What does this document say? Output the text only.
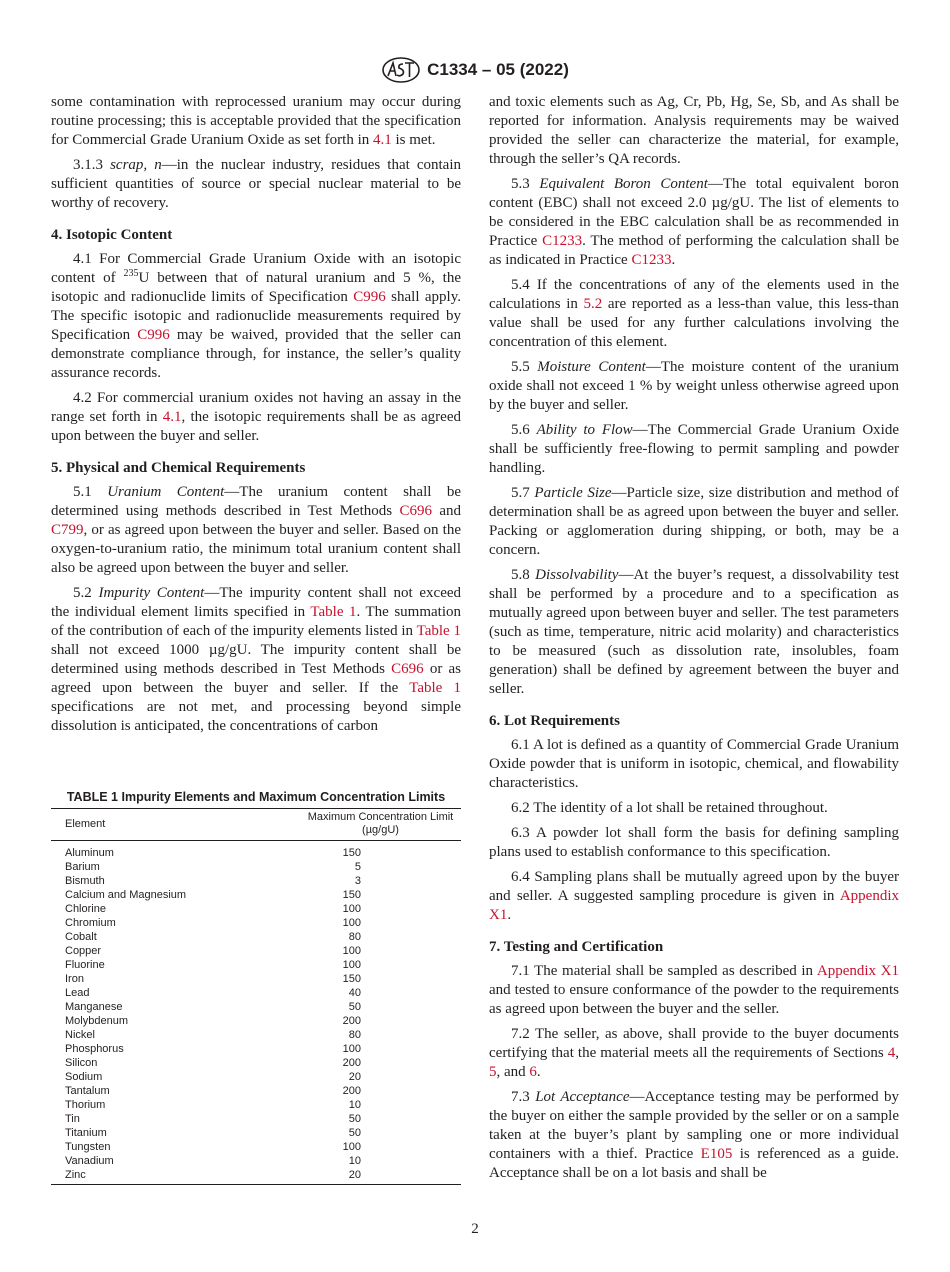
C1334 – 05 (2022)

some contamination with reprocessed uranium may occur during routine processing; this is acceptable provided that the specification for Commercial Grade Uranium Oxide as set forth in 4.1 is met.

3.1.3 scrap, n—in the nuclear industry, residues that contain sufficient quantities of source or special nuclear material to be worthy of recovery.

4. Isotopic Content

4.1 For Commercial Grade Uranium Oxide with an isotopic content of $^{235}$U between that of natural uranium and 5 %, the isotopic and radionuclide limits of Specification C996 shall apply. The specific isotopic and radionuclide measurements required by Specification C996 may be waived, provided that the seller can demonstrate compliance through, for instance, the seller’s quality assurance records.

4.2 For commercial uranium oxides not having an assay in the range set forth in 4.1, the isotopic requirements shall be as agreed upon between the buyer and seller.

5. Physical and Chemical Requirements

5.1 Uranium Content—The uranium content shall be determined using methods described in Test Methods C696 and C799, or as agreed upon between the buyer and seller. Based on the oxygen-to-uranium ratio, the minimum total uranium content shall also be agreed upon between the buyer and seller.

5.2 Impurity Content—The impurity content shall not exceed the individual element limits specified in Table 1. The summation of the contribution of each of the impurity elements listed in Table 1 shall not exceed 1000 µg/gU. The impurity content shall be determined using methods described in Test Methods C696 or as agreed upon between the buyer and seller. If the Table 1 specifications are not met, and processing beyond simple dissolution is anticipated, the concentrations of carbon

TABLE 1 Impurity Elements and Maximum Concentration Limits
Element	Maximum Concentration Limit (µg/gU)
Aluminum	150
Barium	5
Bismuth	3
Calcium and Magnesium	150
Chlorine	100
Chromium	100
Cobalt	80
Copper	100
Fluorine	100
Iron	150
Lead	40
Manganese	50
Molybdenum	200
Nickel	80
Phosphorus	100
Silicon	200
Sodium	20
Tantalum	200
Thorium	10
Tin	50
Titanium	50
Tungsten	100
Vanadium	10
Zinc	20

and toxic elements such as Ag, Cr, Pb, Hg, Se, Sb, and As shall be reported for information. Analysis requirements may be waived provided the seller can characterize the material, for example, through the seller’s QA records.

5.3 Equivalent Boron Content—The total equivalent boron content (EBC) shall not exceed 2.0 µg/gU. The list of elements to be considered in the EBC calculation shall be as recommended in Practice C1233. The method of performing the calculation shall be as indicated in Practice C1233.

5.4 If the concentrations of any of the elements used in the calculations in 5.2 are reported as a less-than value, this less-than value shall be used for any further calculations involving the concentration of this element.

5.5 Moisture Content—The moisture content of the uranium oxide shall not exceed 1 % by weight unless otherwise agreed upon by the buyer and seller.

5.6 Ability to Flow—The Commercial Grade Uranium Oxide shall be sufficiently free-flowing to permit sampling and powder handling.

5.7 Particle Size—Particle size, size distribution and method of determination shall be as agreed upon between the buyer and seller. Packing or agglomeration during shipping, or both, may be a concern.

5.8 Dissolvability—At the buyer’s request, a dissolvability test shall be performed by a procedure and to a specification as mutually agreed upon between buyer and seller. The test parameters (such as time, temperature, nitric acid molarity) and characteristics to be measured (such as dissolution rate, insolubles, foam generation) shall be defined by agreement between the buyer and seller.

6. Lot Requirements

6.1 A lot is defined as a quantity of Commercial Grade Uranium Oxide powder that is uniform in isotopic, chemical, and flowability characteristics.

6.2 The identity of a lot shall be retained throughout.

6.3 A powder lot shall form the basis for defining sampling plans used to establish conformance to this specification.

6.4 Sampling plans shall be mutually agreed upon by the buyer and seller. A suggested sampling procedure is given in Appendix X1.

7. Testing and Certification

7.1 The material shall be sampled as described in Appendix X1 and tested to ensure conformance of the powder to the requirements as agreed upon between the buyer and the seller.

7.2 The seller, as above, shall provide to the buyer documents certifying that the material meets all the requirements of Sections 4, 5, and 6.

7.3 Lot Acceptance—Acceptance testing may be performed by the buyer on either the sample provided by the seller or on a sample taken at the buyer’s plant by sampling one or more individual containers with a thief. Practice E105 is referenced as a guide. Acceptance shall be on a lot basis and shall be

2
